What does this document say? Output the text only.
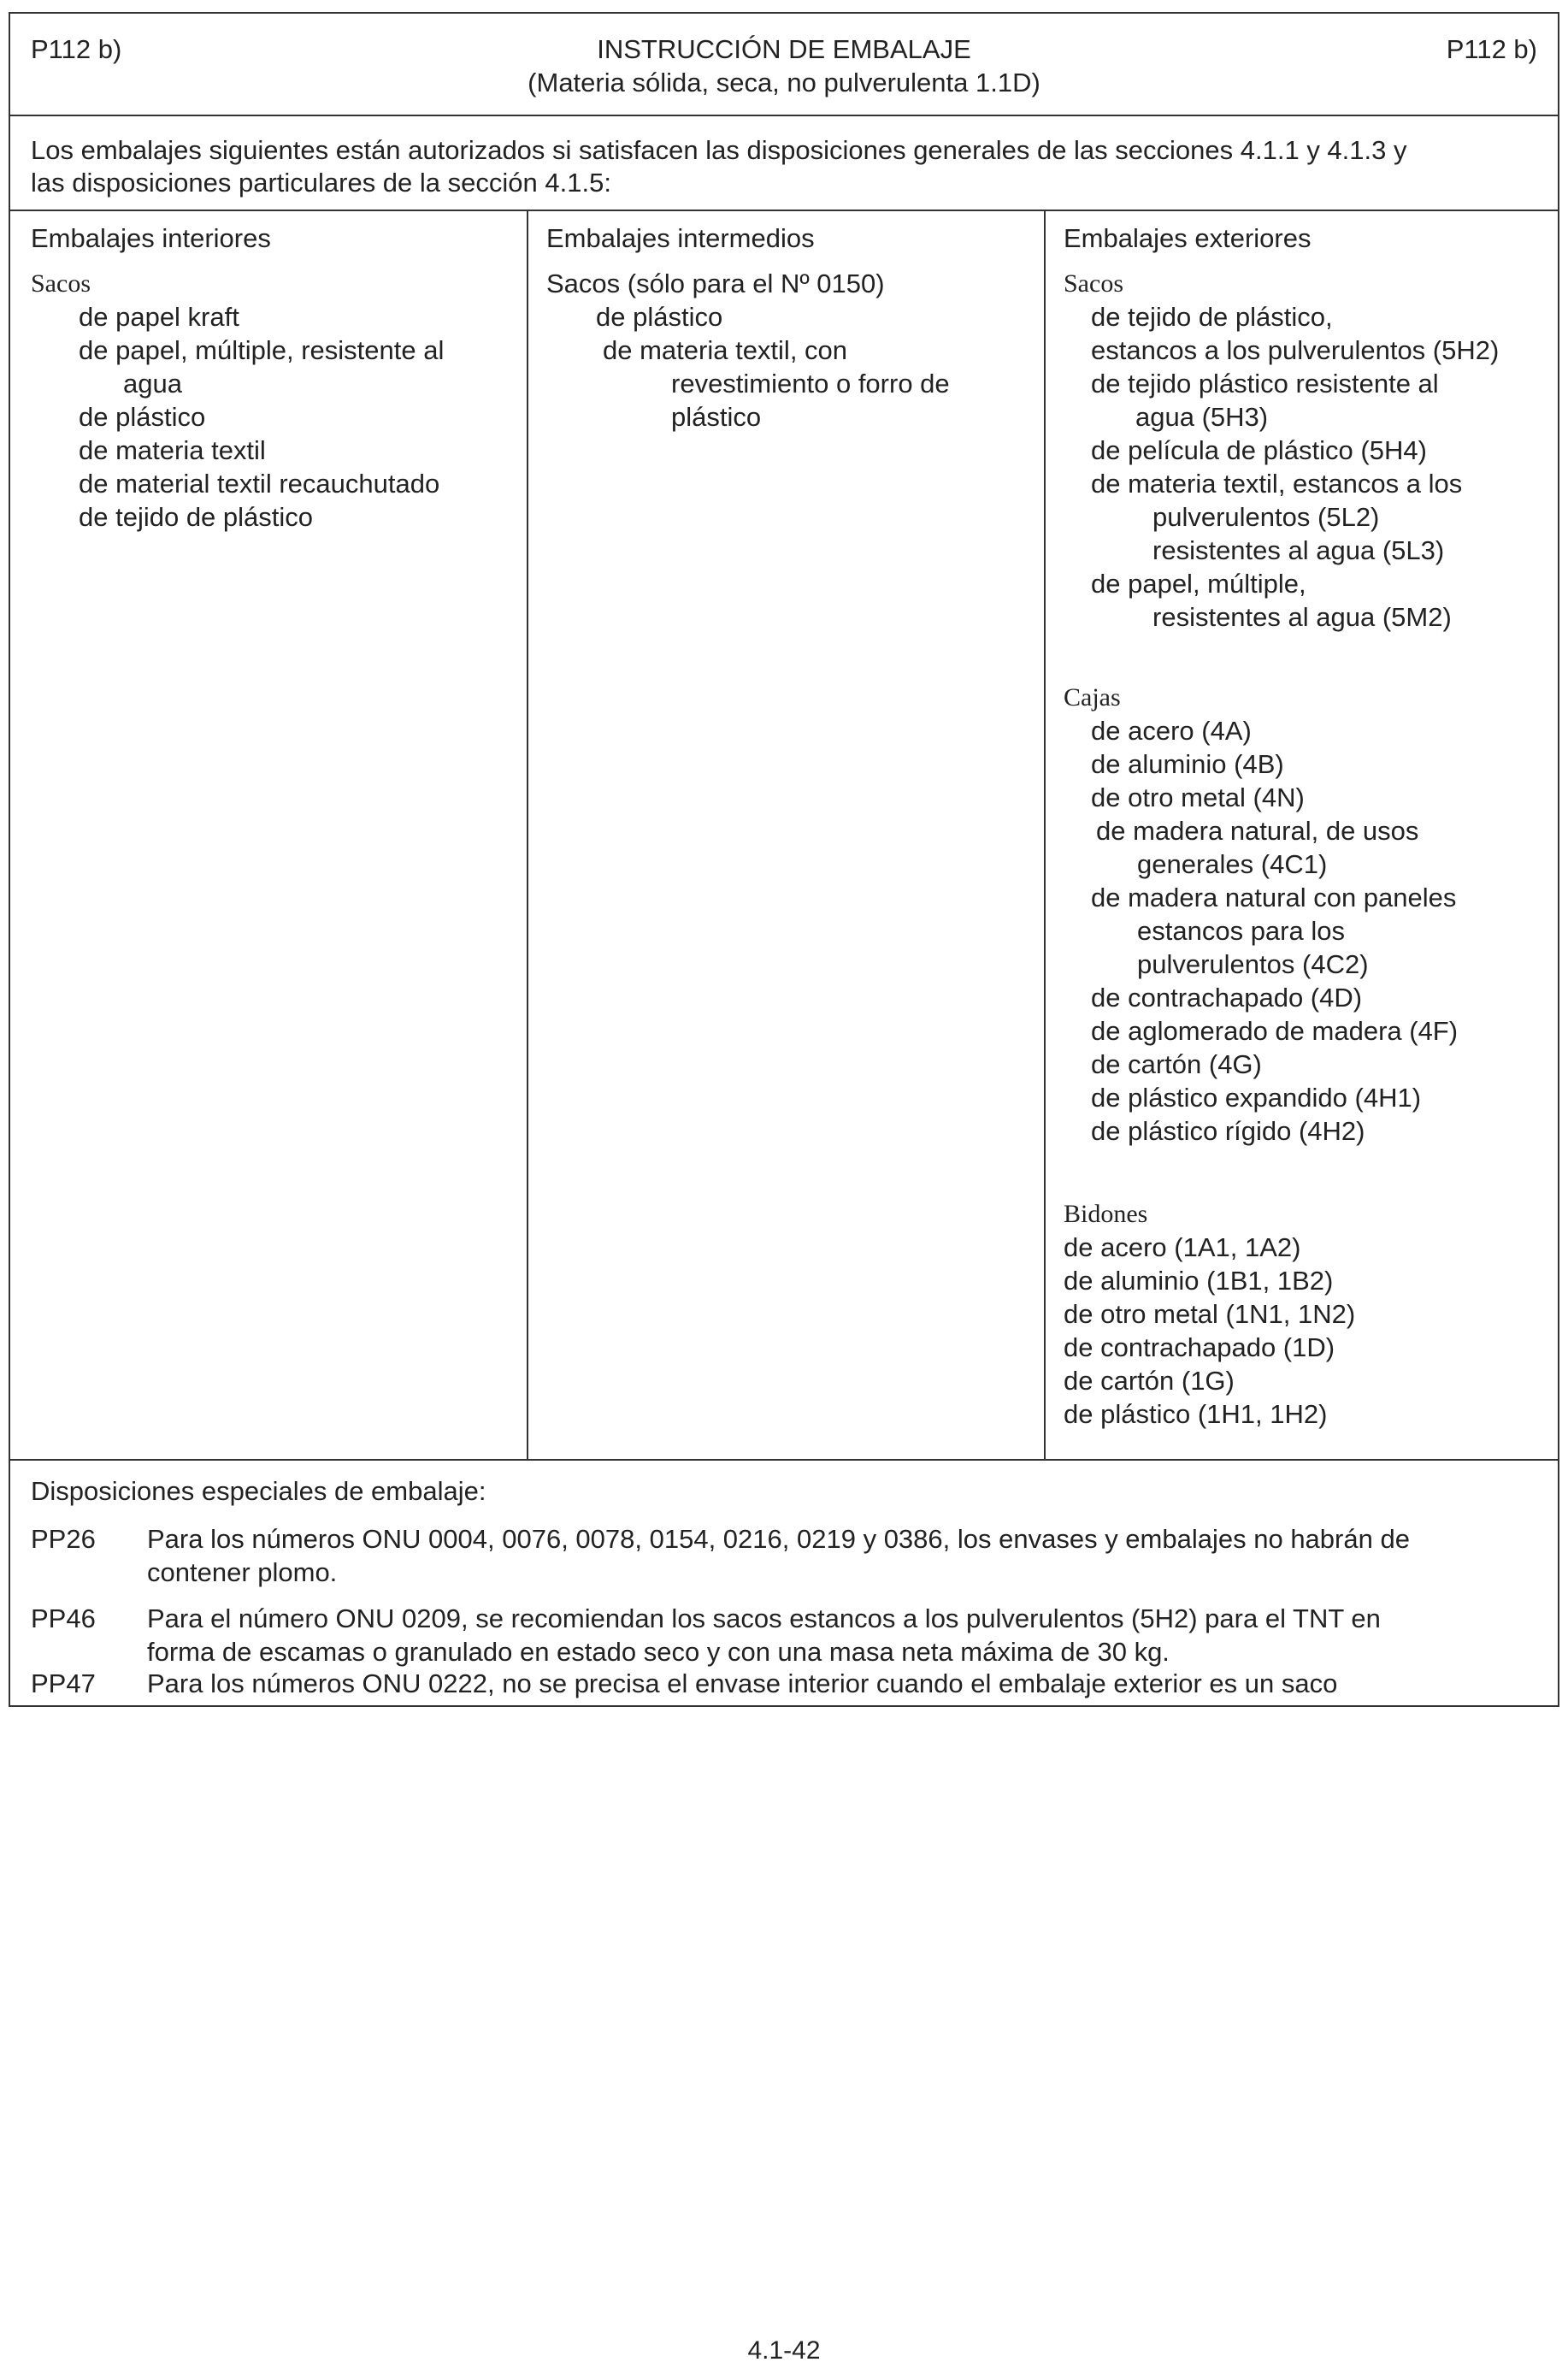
P112 b)	INSTRUCCIÓN DE EMBALAJE
(Materia sólida, seca, no pulverulenta 1.1D)
P112 b)
Los embalajes siguientes están autorizados si satisfacen las disposiciones generales de las secciones 4.1.1 y 4.1.3 y
las disposiciones particulares de la sección 4.1.5:
Embalajes interiores
Sacos
de papel kraft
de papel, múltiple, resistente al
agua
de plástico
de materia textil
de material textil recauchutado
de tejido de plástico
Embalajes intermedios
Sacos (sólo para el Nº 0150)
de plástico
de materia textil, con
revestimiento o forro de
plástico
Embalajes exteriores
Sacos
de tejido de plástico,
estancos a los pulverulentos (5H2)
de tejido plástico resistente al
agua (5H3)
de película de plástico (5H4)
de materia textil, estancos a los
pulverulentos (5L2)
resistentes al agua (5L3)
de papel, múltiple,
resistentes al agua (5M2)
Cajas
de acero (4A)
de aluminio (4B)
de otro metal (4N)
de madera natural, de usos
generales (4C1)
de madera natural con paneles
estancos para los
pulverulentos (4C2)
de contrachapado (4D)
de aglomerado de madera (4F)
de cartón (4G)
de plástico expandido (4H1)
de plástico rígido (4H2)
Bidones
de acero (1A1, 1A2)
de aluminio (1B1, 1B2)
de otro metal (1N1, 1N2)
de contrachapado (1D)
de cartón (1G)
de plástico (1H1, 1H2)
Disposiciones especiales de embalaje:
PP26 Para los números ONU 0004, 0076, 0078, 0154, 0216, 0219 y 0386, los envases y embalajes no habrán de
contener plomo.
PP46 Para el número ONU 0209, se recomiendan los sacos estancos a los pulverulentos (5H2) para el TNT en
forma de escamas o granulado en estado seco y con una masa neta máxima de 30 kg.
PP47 Para los números ONU 0222, no se precisa el envase interior cuando el embalaje exterior es un saco
4.1-42
